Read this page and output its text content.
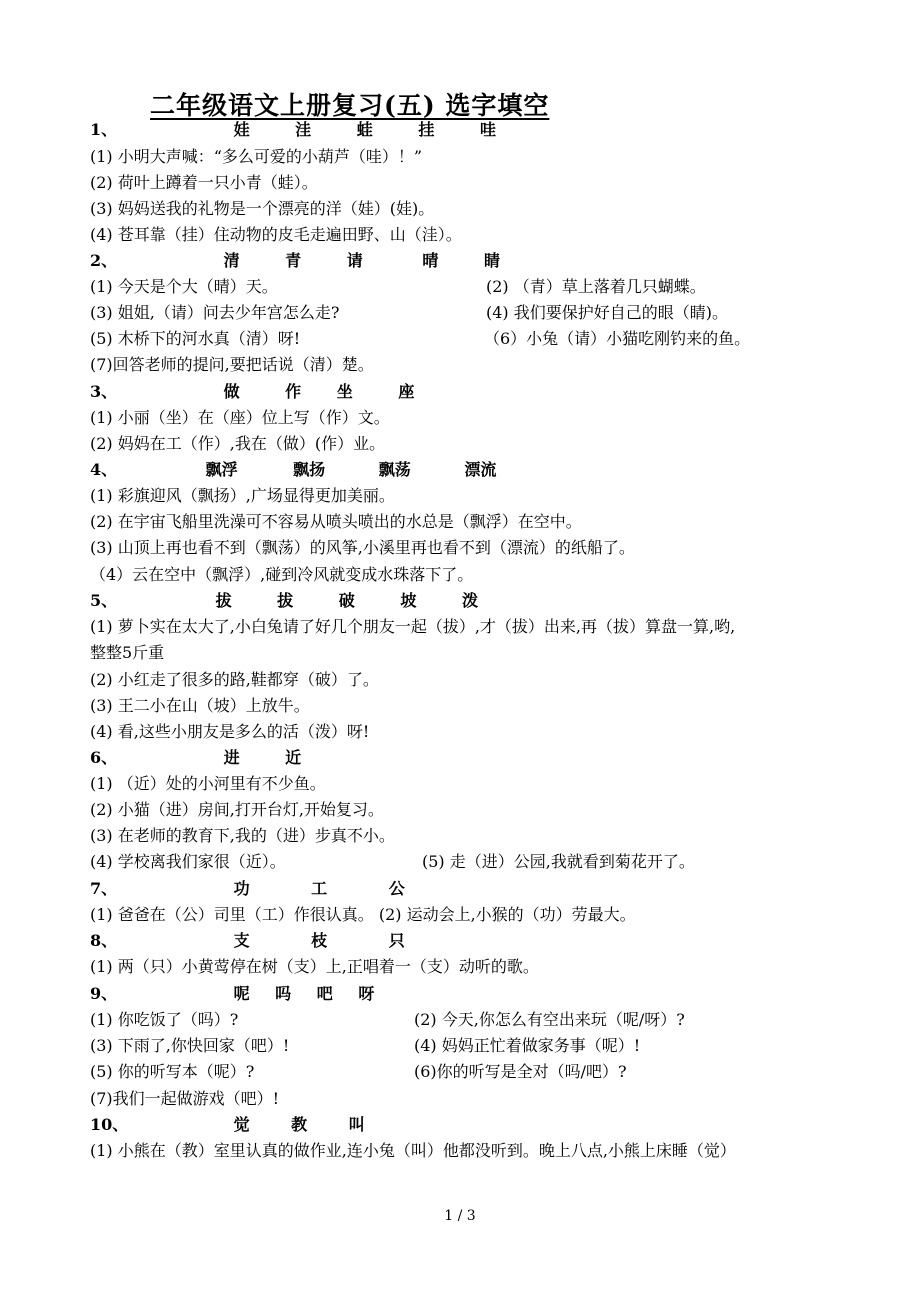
二年级语文上册复习(五) 选字填空
1、	娃	洼	蛙	挂	哇
(1) 小明大声喊：“多么可爱的小葫芦（哇）！”
(2) 荷叶上蹲着一只小青（蛙）。
(3) 妈妈送我的礼物是一个漂亮的洋（娃）(娃)。
(4) 苍耳靠（挂）住动物的皮毛走遍田野、山（洼）。
2、	清	青	请	晴	睛
(1) 今天是个大（晴）天。	(2) （青）草上落着几只蝴蝶。
(3) 姐姐,（请）问去少年宫怎么走?	(4) 我们要保护好自己的眼（睛)。
(5) 木桥下的河水真（清）呀!	（6）小兔（请）小猫吃刚钓来的鱼。
(7)回答老师的提问,要把话说（清）楚。
3、	做	作 坐	座
(1) 小丽（坐）在（座）位上写（作）文。
(2) 妈妈在工（作）,我在（做）(作）业。
4、	飘浮	飘扬	飘荡	漂流
(1) 彩旗迎风（飘扬）,广场显得更加美丽。
(2) 在宇宙飞船里洗澡可不容易从喷头喷出的水总是（飘浮）在空中。
(3) 山顶上再也看不到（飘荡）的风筝,小溪里再也看不到（漂流）的纸船了。
（4）云在空中（飘浮）,碰到冷风就变成水珠落下了。
5、	拔	拔	破	坡	泼
(1) 萝卜实在太大了,小白兔请了好几个朋友一起（拔）,才（拔）出来,再（拔）算盘一算,哟,
整整5斤重
(2) 小红走了很多的路,鞋都穿（破）了。
(3) 王二小在山（坡）上放牛。
(4) 看,这些小朋友是多么的活（泼）呀!
6、	进	近
(1) （近）处的小河里有不少鱼。
(2) 小猫（进）房间,打开台灯,开始复习。
(3) 在老师的教育下,我的（进）步真不小。
(4) 学校离我们家很（近）。	(5) 走（进）公园,我就看到菊花开了。
7、	功	工	公
(1) 爸爸在（公）司里（工）作很认真。 (2) 运动会上,小猴的（功）劳最大。
8、	支	枝	只
(1) 两（只）小黄莺停在树（支）上,正唱着一（支）动听的歌。
9、	呢 吗 吧 呀
(1) 你吃饭了（吗）?	(2) 今天,你怎么有空出来玩（呢/呀）?
(3) 下雨了,你快回家（吧）!	(4) 妈妈正忙着做家务事（呢）!
(5) 你的听写本（呢）?	(6)你的听写是全对（吗/吧）?
(7)我们一起做游戏（吧）!
10、	觉	教	叫
(1) 小熊在（教）室里认真的做作业,连小兔（叫）他都没听到。晚上八点,小熊上床睡（觉）
1 / 3
